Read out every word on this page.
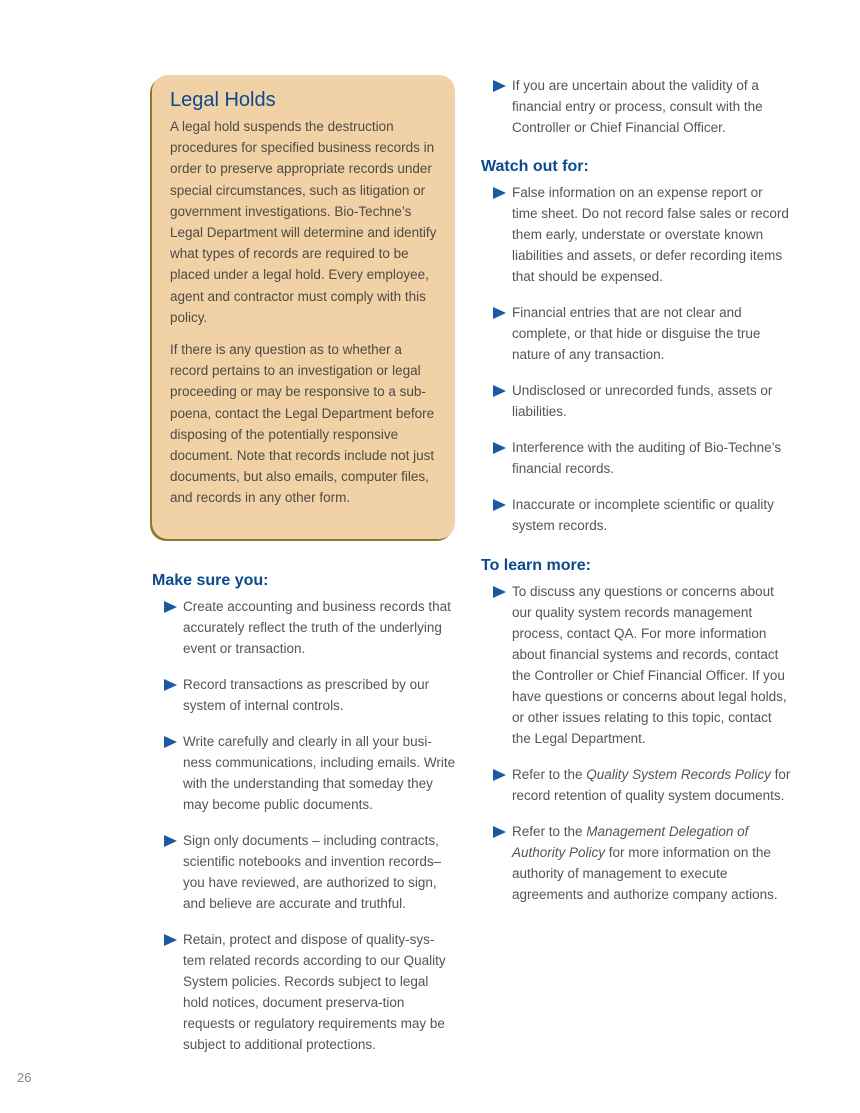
Legal Holds

A legal hold suspends the destruction procedures for specified business records in order to preserve appropriate records under special circumstances, such as litigation or government investigations. Bio-Techne’s Legal Department will determine and identify what types of records are required to be placed under a legal hold. Every employee, agent and contractor must comply with this policy.

If there is any question as to whether a record pertains to an investigation or legal proceeding or may be responsive to a sub-poena, contact the Legal Department before disposing of the potentially responsive document. Note that records include not just documents, but also emails, computer files, and records in any other form.

Make sure you:
Create accounting and business records that accurately reflect the truth of the underlying event or transaction.
Record transactions as prescribed by our system of internal controls.
Write carefully and clearly in all your busi-ness communications, including emails. Write with the understanding that someday they may become public documents.
Sign only documents – including contracts, scientific notebooks and invention records– you have reviewed, are authorized to sign, and believe are accurate and truthful.
Retain, protect and dispose of quality-sys-tem related records according to our Quality System policies. Records subject to legal hold notices, document preserva-tion requests or regulatory requirements may be subject to additional protections.
If you are uncertain about the validity of a financial entry or process, consult with the Controller or Chief Financial Officer.
Watch out for:
False information on an expense report or time sheet. Do not record false sales or record them early, understate or overstate known liabilities and assets, or defer recording items that should be expensed.
Financial entries that are not clear and complete, or that hide or disguise the true nature of any transaction.
Undisclosed or unrecorded funds, assets or liabilities.
Interference with the auditing of Bio-Techne’s financial records.
Inaccurate or incomplete scientific or quality system records.
To learn more:
To discuss any questions or concerns about our quality system records management process, contact QA. For more information about financial systems and records, contact the Controller or Chief Financial Officer. If you have questions or concerns about legal holds, or other issues relating to this topic, contact the Legal Department.
Refer to the Quality System Records Policy for record retention of quality system documents.
Refer to the Management Delegation of Authority Policy for more information on the authority of management to execute agreements and authorize company actions.
26
